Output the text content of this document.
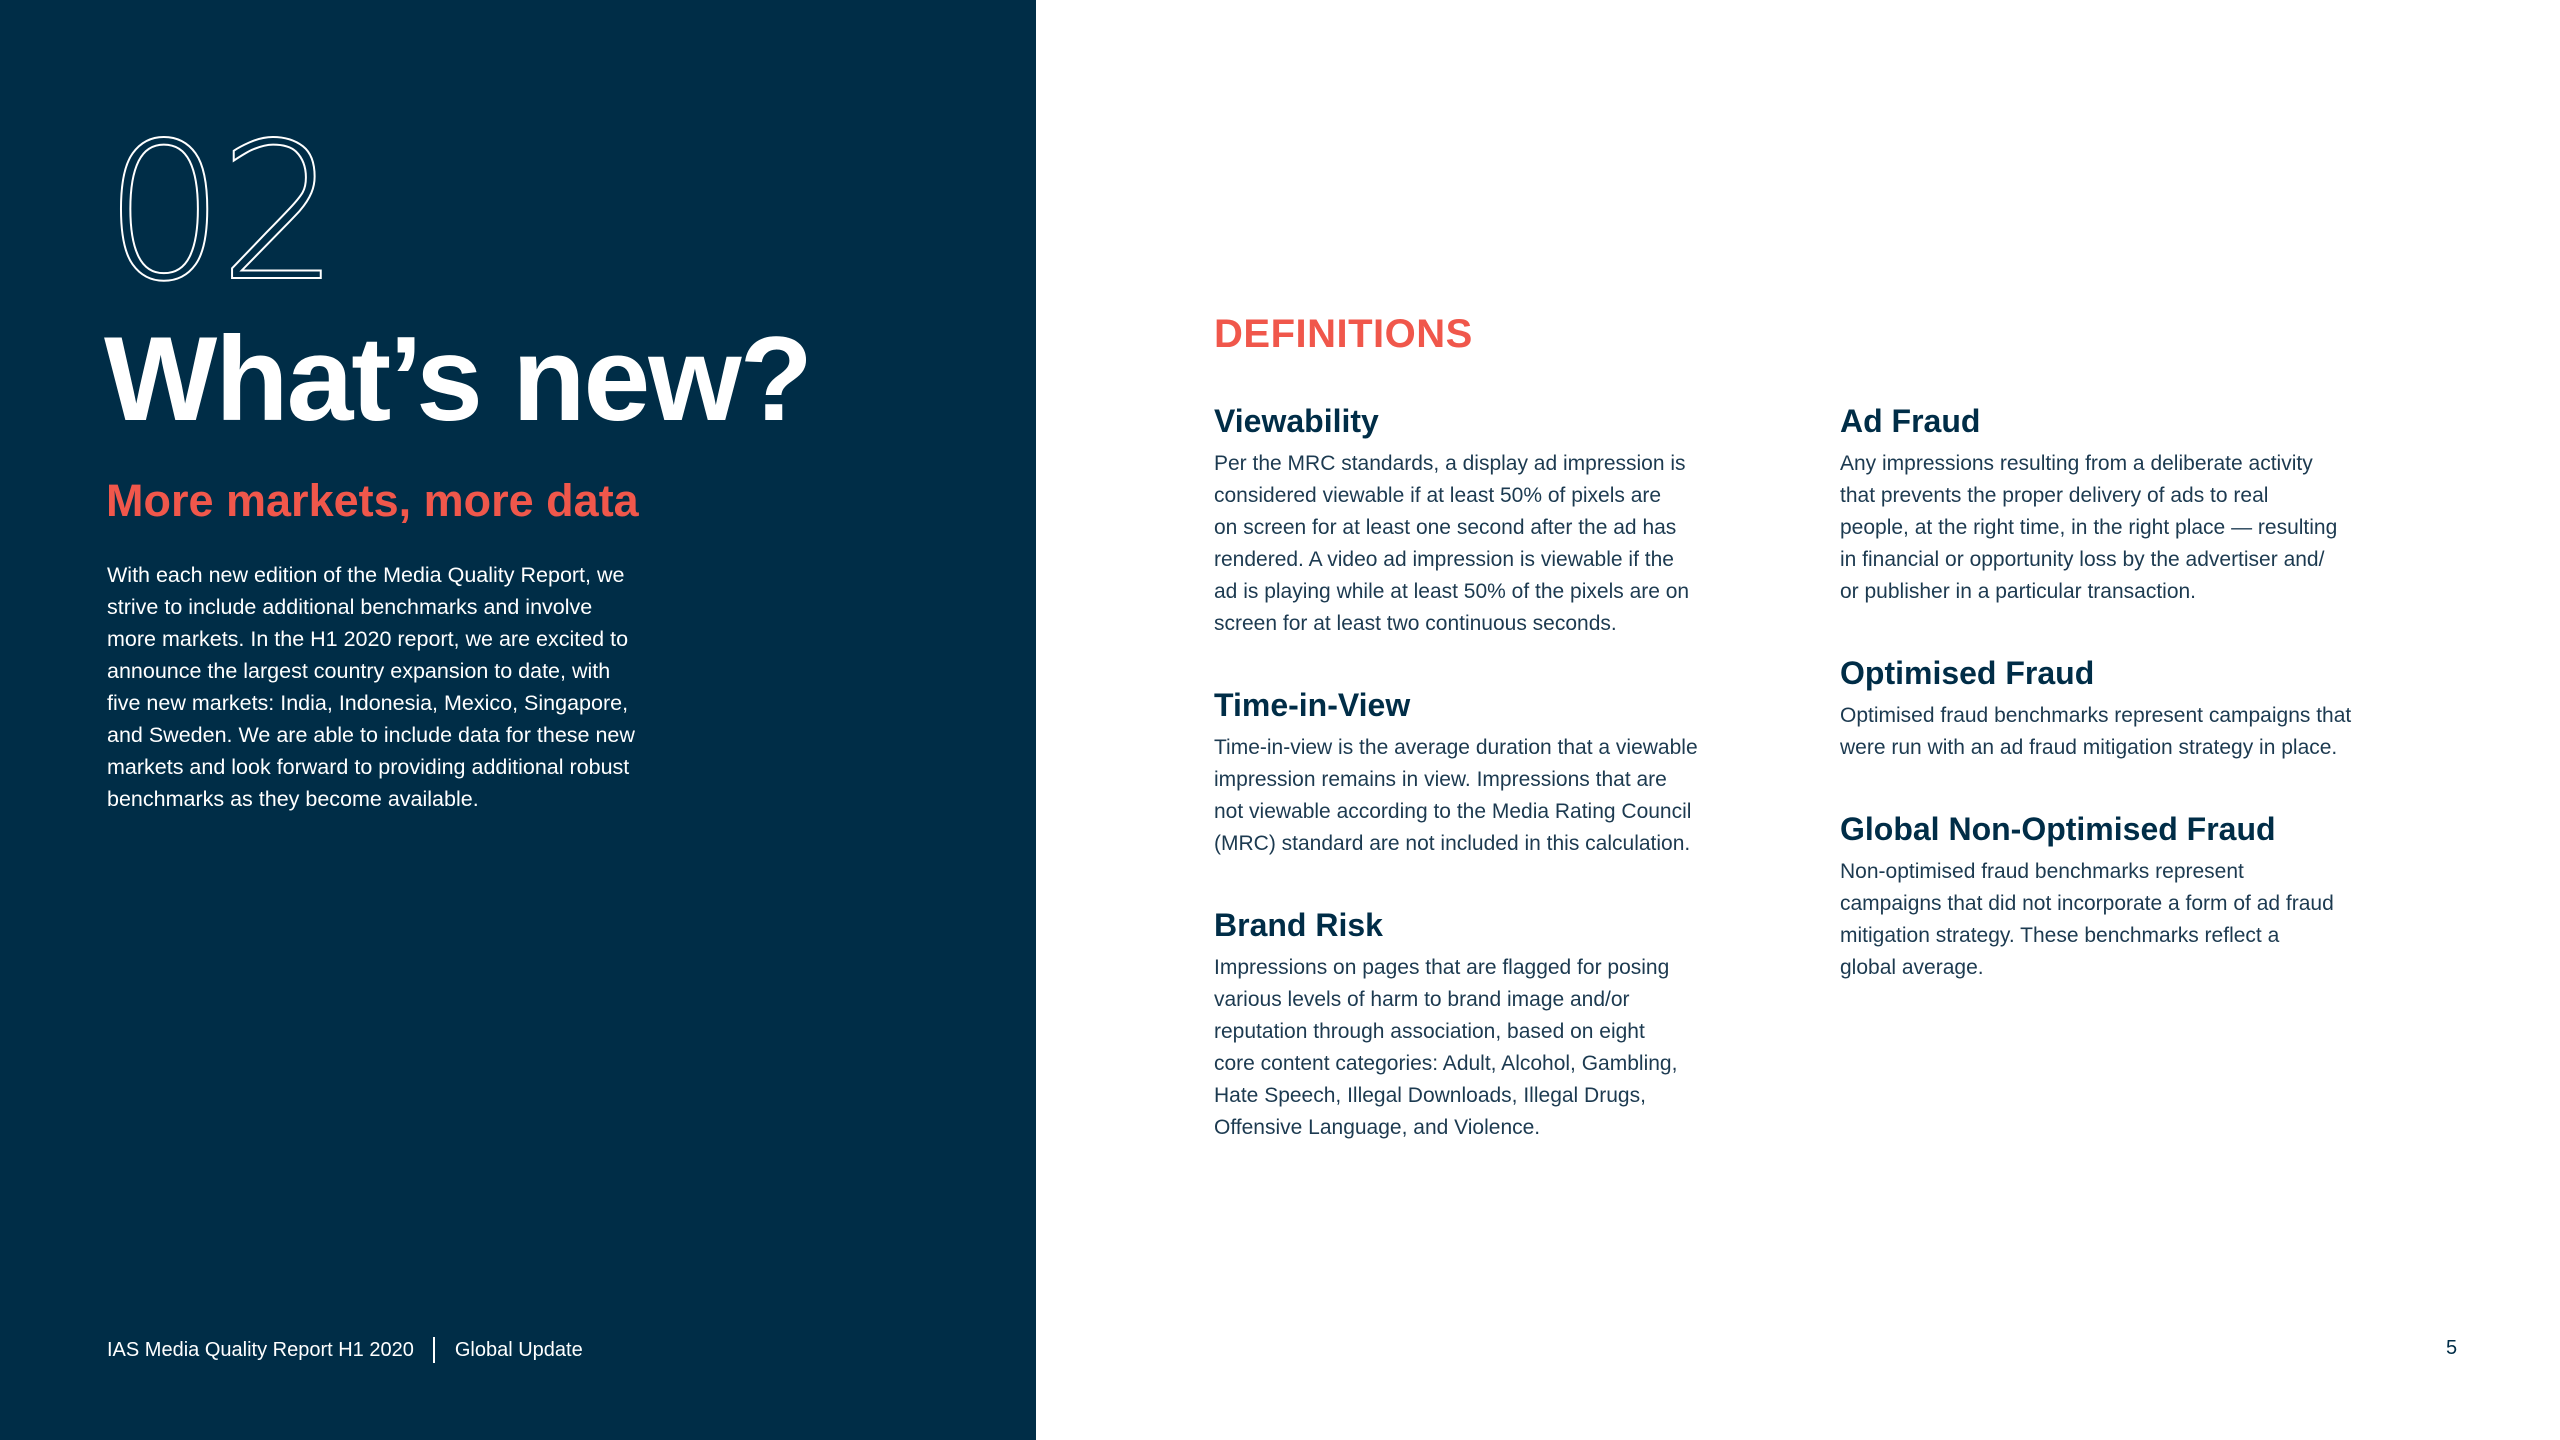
02
What’s new?
More markets, more data
With each new edition of the Media Quality Report, we
strive to include additional benchmarks and involve
more markets. In the H1 2020 report, we are excited to
announce the largest country expansion to date, with
five new markets: India, Indonesia, Mexico, Singapore,
and Sweden. We are able to include data for these new
markets and look forward to providing additional robust
benchmarks as they become available.
IAS Media Quality Report H1 2020 Global Update
DEFINITIONS
Viewability
Per the MRC standards, a display ad impression is
considered viewable if at least 50% of pixels are
on screen for at least one second after the ad has
rendered. A video ad impression is viewable if the
ad is playing while at least 50% of the pixels are on
screen for at least two continuous seconds.
Time-in-View
Time-in-view is the average duration that a viewable
impression remains in view. Impressions that are
not viewable according to the Media Rating Council
(MRC) standard are not included in this calculation.
Brand Risk
Impressions on pages that are flagged for posing
various levels of harm to brand image and/or
reputation through association, based on eight
core content categories: Adult, Alcohol, Gambling,
Hate Speech, Illegal Downloads, Illegal Drugs,
Offensive Language, and Violence.
Ad Fraud
Any impressions resulting from a deliberate activity
that prevents the proper delivery of ads to real
people, at the right time, in the right place — resulting
in financial or opportunity loss by the advertiser and/
or publisher in a particular transaction.
Optimised Fraud
Optimised fraud benchmarks represent campaigns that
were run with an ad fraud mitigation strategy in place.
Global Non-Optimised Fraud
Non-optimised fraud benchmarks represent
campaigns that did not incorporate a form of ad fraud
mitigation strategy. These benchmarks reflect a
global average.
5
